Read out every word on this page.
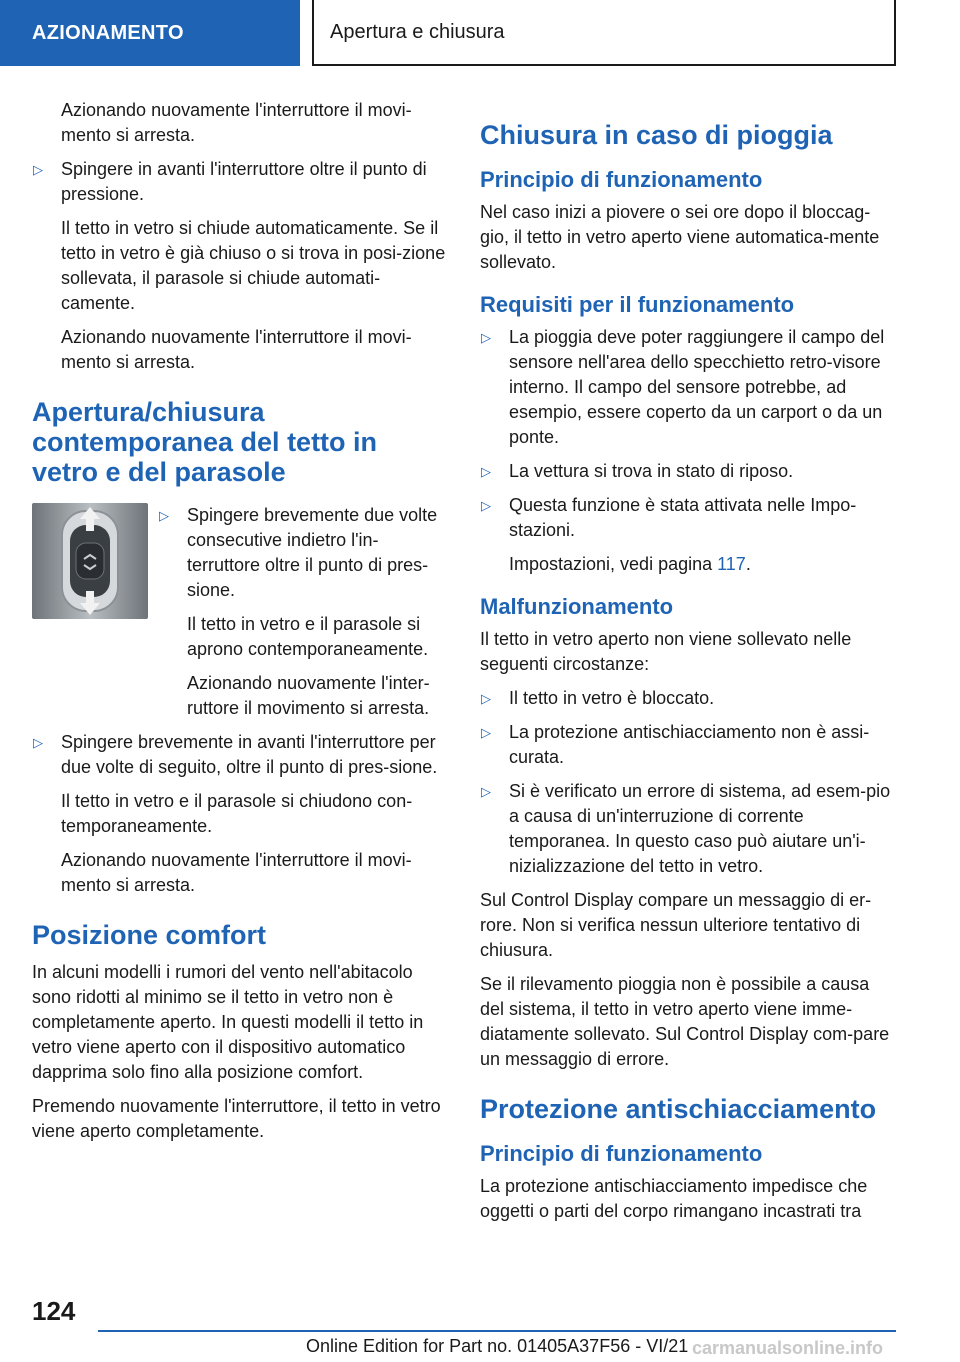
AZIONAMENTO	Apertura e chiusura

Azionando nuovamente l'interruttore il movi-mento si arresta.

▷ Spingere in avanti l'interruttore oltre il punto di pressione.

Il tetto in vetro si chiude automaticamente. Se il tetto in vetro è già chiuso o si trova in posi-zione sollevata, il parasole si chiude automati-camente.

Azionando nuovamente l'interruttore il movi-mento si arresta.

Apertura/chiusura contemporanea del tetto in vetro e del parasole

▷ Spingere brevemente due volte consecutive indietro l'in-terruttore oltre il punto di pres-sione.

Il tetto in vetro e il parasole si aprono contemporaneamente.

Azionando nuovamente l'inter-ruttore il movimento si arresta.

▷ Spingere brevemente in avanti l'interruttore per due volte di seguito, oltre il punto di pres-sione.

Il tetto in vetro e il parasole si chiudono con-temporaneamente.

Azionando nuovamente l'interruttore il movi-mento si arresta.

Posizione comfort

In alcuni modelli i rumori del vento nell'abitacolo sono ridotti al minimo se il tetto in vetro non è completamente aperto. In questi modelli il tetto in vetro viene aperto con il dispositivo automatico dapprima solo fino alla posizione comfort.

Premendo nuovamente l'interruttore, il tetto in vetro viene aperto completamente.

Chiusura in caso di pioggia
Principio di funzionamento

Nel caso inizi a piovere o sei ore dopo il bloccag-gio, il tetto in vetro aperto viene automatica-mente sollevato.

Requisiti per il funzionamento

▷ La pioggia deve poter raggiungere il campo del sensore nell'area dello specchietto retro-visore interno. Il campo del sensore potrebbe, ad esempio, essere coperto da un carport o da un ponte.

▷ La vettura si trova in stato di riposo.

▷ Questa funzione è stata attivata nelle Impo-stazioni.

Impostazioni, vedi pagina 117.

Malfunzionamento

Il tetto in vetro aperto non viene sollevato nelle seguenti circostanze:

▷ Il tetto in vetro è bloccato.

▷ La protezione antischiacciamento non è assi-curata.

▷ Si è verificato un errore di sistema, ad esem-pio a causa di un'interruzione di corrente temporanea. In questo caso può aiutare un'i-nizializzazione del tetto in vetro.

Sul Control Display compare un messaggio di er-rore. Non si verifica nessun ulteriore tentativo di chiusura.

Se il rilevamento pioggia non è possibile a causa del sistema, il tetto in vetro aperto viene imme-diatamente sollevato. Sul Control Display com-pare un messaggio di errore.

Protezione antischiacciamento
Principio di funzionamento

La protezione antischiacciamento impedisce che oggetti o parti del corpo rimangano incastrati tra

124
Online Edition for Part no. 01405A37F56 - VI/21 carmanualsonline.info
